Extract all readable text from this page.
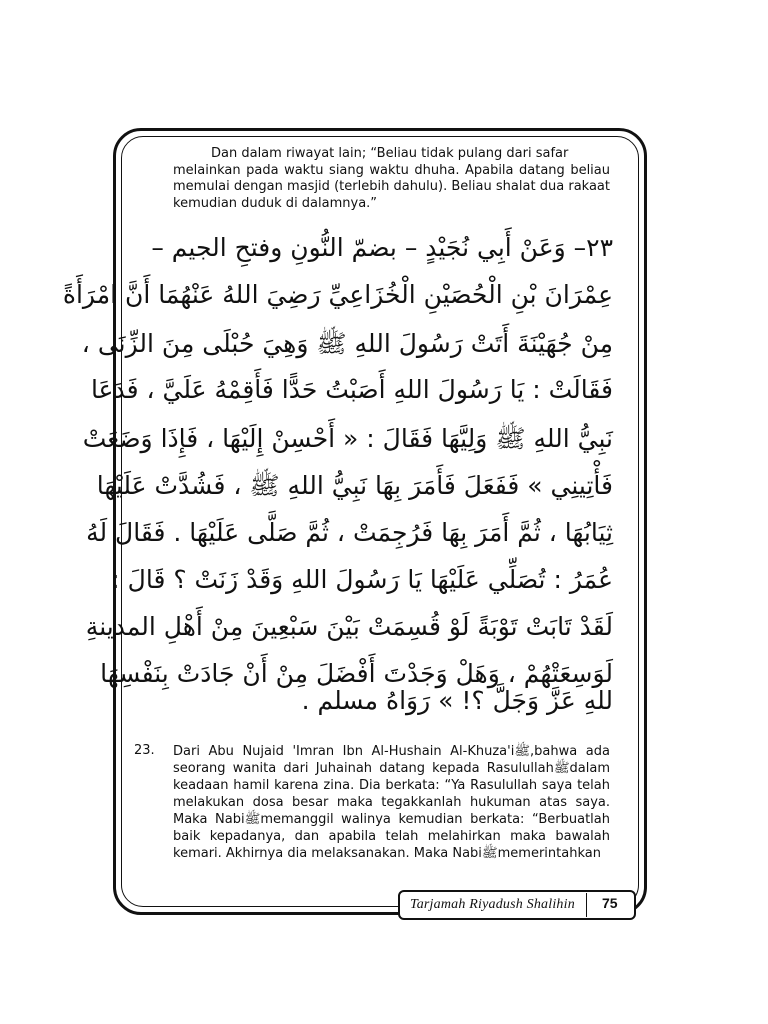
Dan dalam riwayat lain; “Beliau tidak pulang dari safar
melainkan pada waktu siang waktu dhuha. Apabila datang beliau memulai dengan masjid (terlebih dahulu). Beliau shalat dua rakaat kemudian duduk di dalamnya.”

٢٣– وَعَنْ أَبِي نُجَيْدٍ – بضمّ النُّونِ وفتحِ الجيم –
عِمْرَانَ بْنِ الْحُصَيْنِ الْخُزَاعِيِّ رَضِيَ اللهُ عَنْهُمَا أَنَّ امْرَأَةً
مِنْ جُهَيْنَةَ أَتَتْ رَسُولَ اللهِ ﷺ وَهِيَ حُبْلَى مِنَ الزِّنَى ،
فَقَالَتْ : يَا رَسُولَ اللهِ أَصَبْتُ حَدًّا فَأَقِمْهُ عَلَيَّ ، فَدَعَا
نَبِيُّ اللهِ ﷺ وَلِيَّهَا فَقَالَ : « أَحْسِنْ إِلَيْهَا ، فَإِذَا وَضَعَتْ
فَأْتِينِي » فَفَعَلَ فَأَمَرَ بِهَا نَبِيُّ اللهِ ﷺ ، فَشُدَّتْ عَلَيْهَا
ثِيَابُهَا ، ثُمَّ أَمَرَ بِهَا فَرُجِمَتْ ، ثُمَّ صَلَّى عَلَيْهَا . فَقَالَ لَهُ
عُمَرُ : تُصَلِّي عَلَيْهَا يَا رَسُولَ اللهِ وَقَدْ زَنَتْ ؟ قَالَ :
لَقَدْ تَابَتْ تَوْبَةً لَوْ قُسِمَتْ بَيْنَ سَبْعِينَ مِنْ أَهْلِ المدينةِ
لَوَسِعَتْهُمْ ، وَهَلْ وَجَدْتَ أَفْضَلَ مِنْ أَنْ جَادَتْ بِنَفْسِهَا
للهِ عَزَّ وَجَلَّ ؟! » رَوَاهُ مسلم .
23. Dari Abu Nujaid 'Imran Ibn Al-Hushain Al-Khuza'iﷺ,bahwa ada seorang wanita dari Juhainah datang kepada Rasulullahﷺdalam keadaan hamil karena zina. Dia berkata: “Ya Rasulullah saya telah melakukan dosa besar maka tegakkanlah hukuman atas saya. Maka Nabiﷺmemanggil walinya kemudian berkata: “Berbuatlah baik kepadanya, dan apabila telah melahirkan maka bawalah kemari. Akhirnya dia melaksanakan. Maka Nabiﷺmemerintahkan

Tarjamah Riyadush Shalihin 75
